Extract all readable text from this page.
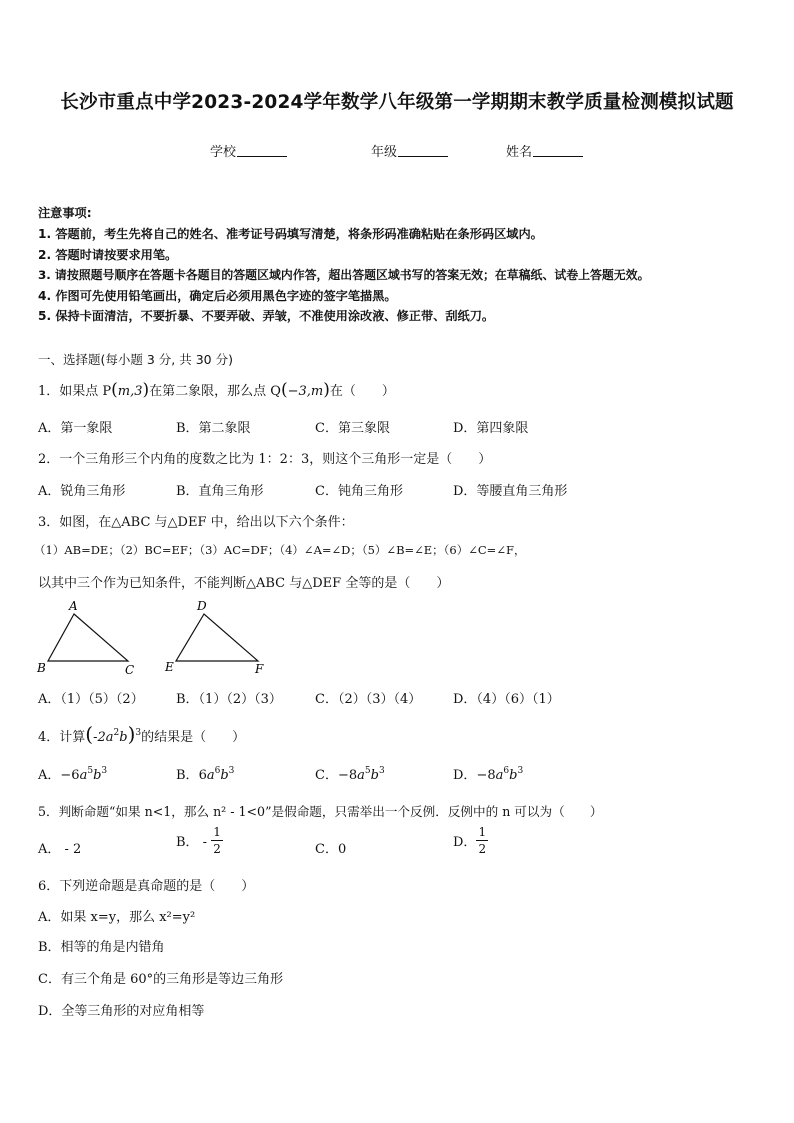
长沙市重点中学2023-2024学年数学八年级第一学期期末教学质量检测模拟试题
学校	年级	姓名
注意事项:
1. 答题前，考生先将自己的姓名、准考证号码填写清楚，将条形码准确粘贴在条形码区域内。
2. 答题时请按要求用笔。
3. 请按照题号顺序在答题卡各题目的答题区域内作答，超出答题区域书写的答案无效；在草稿纸、试卷上答题无效。
4. 作图可先使用铅笔画出，确定后必须用黑色字迹的签字笔描黑。
5. 保持卡面清洁，不要折暴、不要弄破、弄皱，不准使用涂改液、修正带、刮纸刀。
一、选择题(每小题 3 分, 共 30 分)
1．如果点 P(m,3)在第二象限，那么点 Q(−3,m)在（　　）
A．第一象限	B．第二象限	C．第三象限	D．第四象限
2．一个三角形三个内角的度数之比为 1：2：3，则这个三角形一定是（　　）
A．锐角三角形	B．直角三角形	C．钝角三角形	D．等腰直角三角形
3．如图，在△ABC 与△DEF 中，给出以下六个条件：
（1）AB=DE；（2）BC=EF；（3）AC=DF；（4）∠A=∠D；（5）∠B=∠E；（6）∠C=∠F，
以其中三个作为已知条件，不能判断△ABC 与△DEF 全等的是（　　）
A
B	C
D
E	F
A．（1）（5）（2） B．（1）（2）（3）	C．（2）（3）（4） D．（4）（6）（1）
4．计算$(-2a^2b)^3$的结果是（　　）
A．$-6a^5b^3$	B．$6a^6b^3$	C．$-8a^5b^3$	D．$-8a^6b^3$
5．判断命题“如果 n<1，那么 n² - 1<0”是假命题，只需举出一个反例．反例中的 n 可以为（　　）
A． - 2	B． - $\frac{1}{2}$	C．0	D． $\frac{1}{2}$
6．下列逆命题是真命题的是（　　）
A．如果 x=y，那么 x²=y²
B．相等的角是内错角
C．有三个角是 60°的三角形是等边三角形
D．全等三角形的对应角相等
